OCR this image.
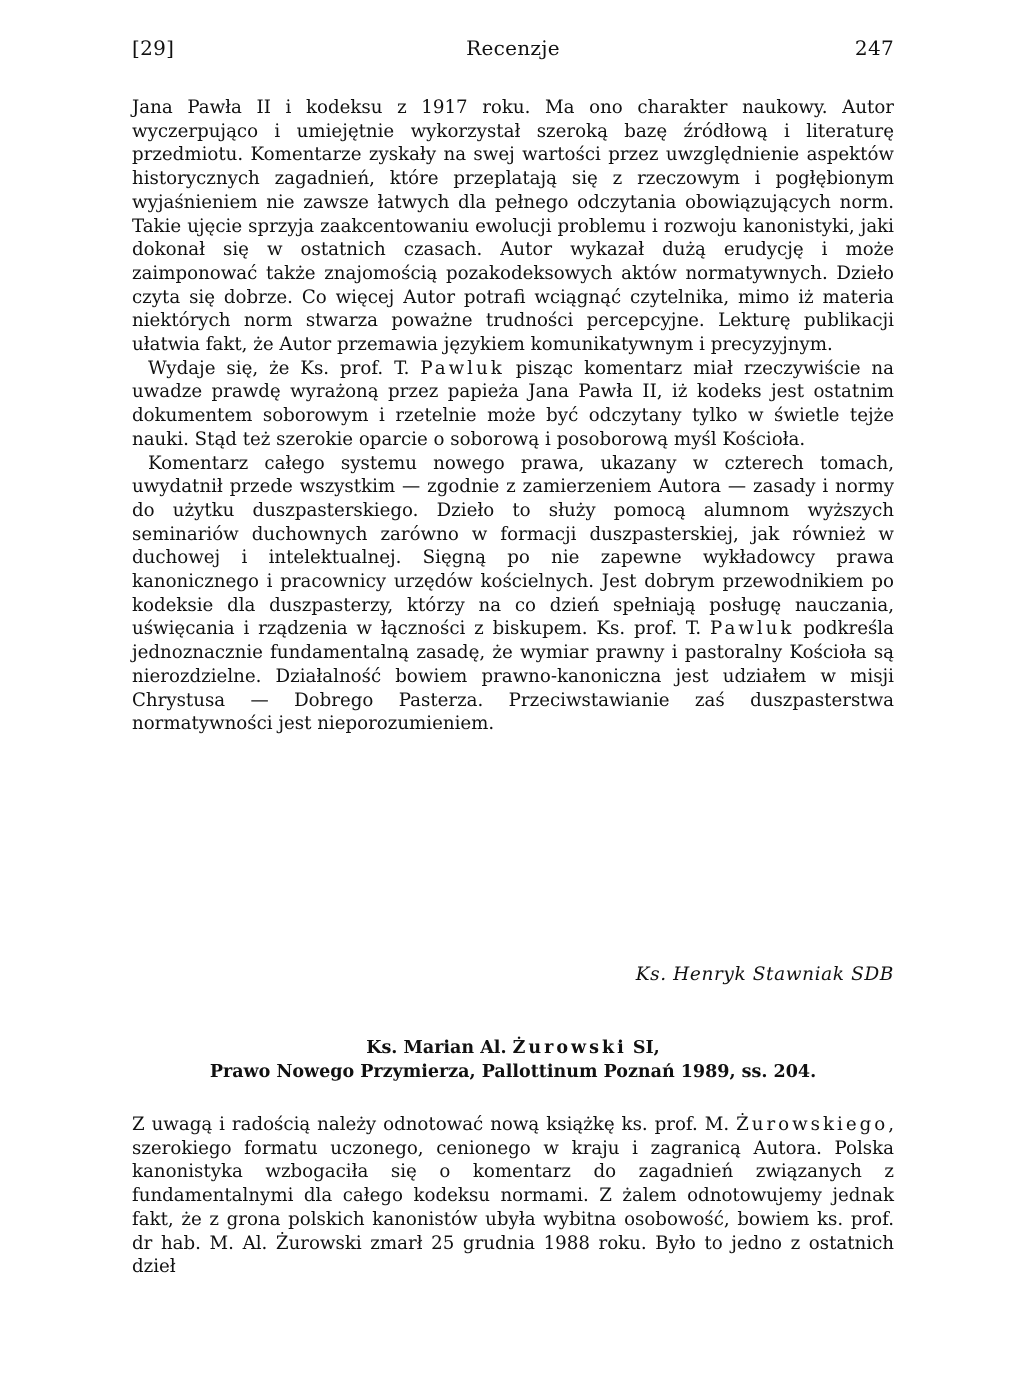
[29]	Recenzje	247

Jana Pawła II i kodeksu z 1917 roku. Ma ono charakter naukowy. Autor wyczerpująco i umiejętnie wykorzystał szeroką bazę źródłową i literaturę przedmiotu. Komentarze zyskały na swej wartości przez uwzględnienie aspektów historycznych zagadnień, które przeplatają się z rzeczowym i pogłębionym wyjaśnieniem nie zawsze łatwych dla pełnego odczytania obowiązujących norm. Takie ujęcie sprzyja zaakcentowaniu ewolucji problemu i rozwoju kanonistyki, jaki dokonał się w ostatnich czasach. Autor wykazał dużą erudycję i może zaimponować także znajomością pozakodeksowych aktów normatywnych. Dzieło czyta się dobrze. Co więcej Autor potrafi wciągnąć czytelnika, mimo iż materia niektórych norm stwarza poważne trudności percepcyjne. Lekturę publikacji ułatwia fakt, że Autor przemawia językiem komunikatywnym i precyzyjnym.

Wydaje się, że Ks. prof. T. Pawluk pisząc komentarz miał rzeczywiście na uwadze prawdę wyrażoną przez papieża Jana Pawła II, iż kodeks jest ostatnim dokumentem soborowym i rzetelnie może być odczytany tylko w świetle tejże nauki. Stąd też szerokie oparcie o soborową i posoborową myśl Kościoła.

Komentarz całego systemu nowego prawa, ukazany w czterech tomach, uwydatnił przede wszystkim — zgodnie z zamierzeniem Autora — zasady i normy do użytku duszpasterskiego. Dzieło to służy pomocą alumnom wyższych seminariów duchownych zarówno w formacji duszpasterskiej, jak również w duchowej i intelektualnej. Sięgną po nie zapewne wykładowcy prawa kanonicznego i pracownicy urzędów kościelnych. Jest dobrym przewodnikiem po kodeksie dla duszpasterzy, którzy na co dzień spełniają posługę nauczania, uświęcania i rządzenia w łączności z biskupem. Ks. prof. T. Pawluk podkreśla jednoznacznie fundamentalną zasadę, że wymiar prawny i pastoralny Kościoła są nierozdzielne. Działalność bowiem prawno-kanoniczna jest udziałem w misji Chrystusa — Dobrego Pasterza. Przeciwstawianie zaś duszpasterstwa normatywności jest nieporozumieniem.

Ks. Henryk Stawniak SDB
Ks. Marian Al. Żurowski SI,
Prawo Nowego Przymierza, Pallottinum Poznań 1989, ss. 204.

Z uwagą i radością należy odnotować nową książkę ks. prof. M. Żurowskiego, szerokiego formatu uczonego, cenionego w kraju i zagranicą Autora. Polska kanonistyka wzbogaciła się o komentarz do zagadnień związanych z fundamentalnymi dla całego kodeksu normami. Z żalem odnotowujemy jednak fakt, że z grona polskich kanonistów ubyła wybitna osobowość, bowiem ks. prof. dr hab. M. Al. Żurowski zmarł 25 grudnia 1988 roku. Było to jedno z ostatnich dzieł
